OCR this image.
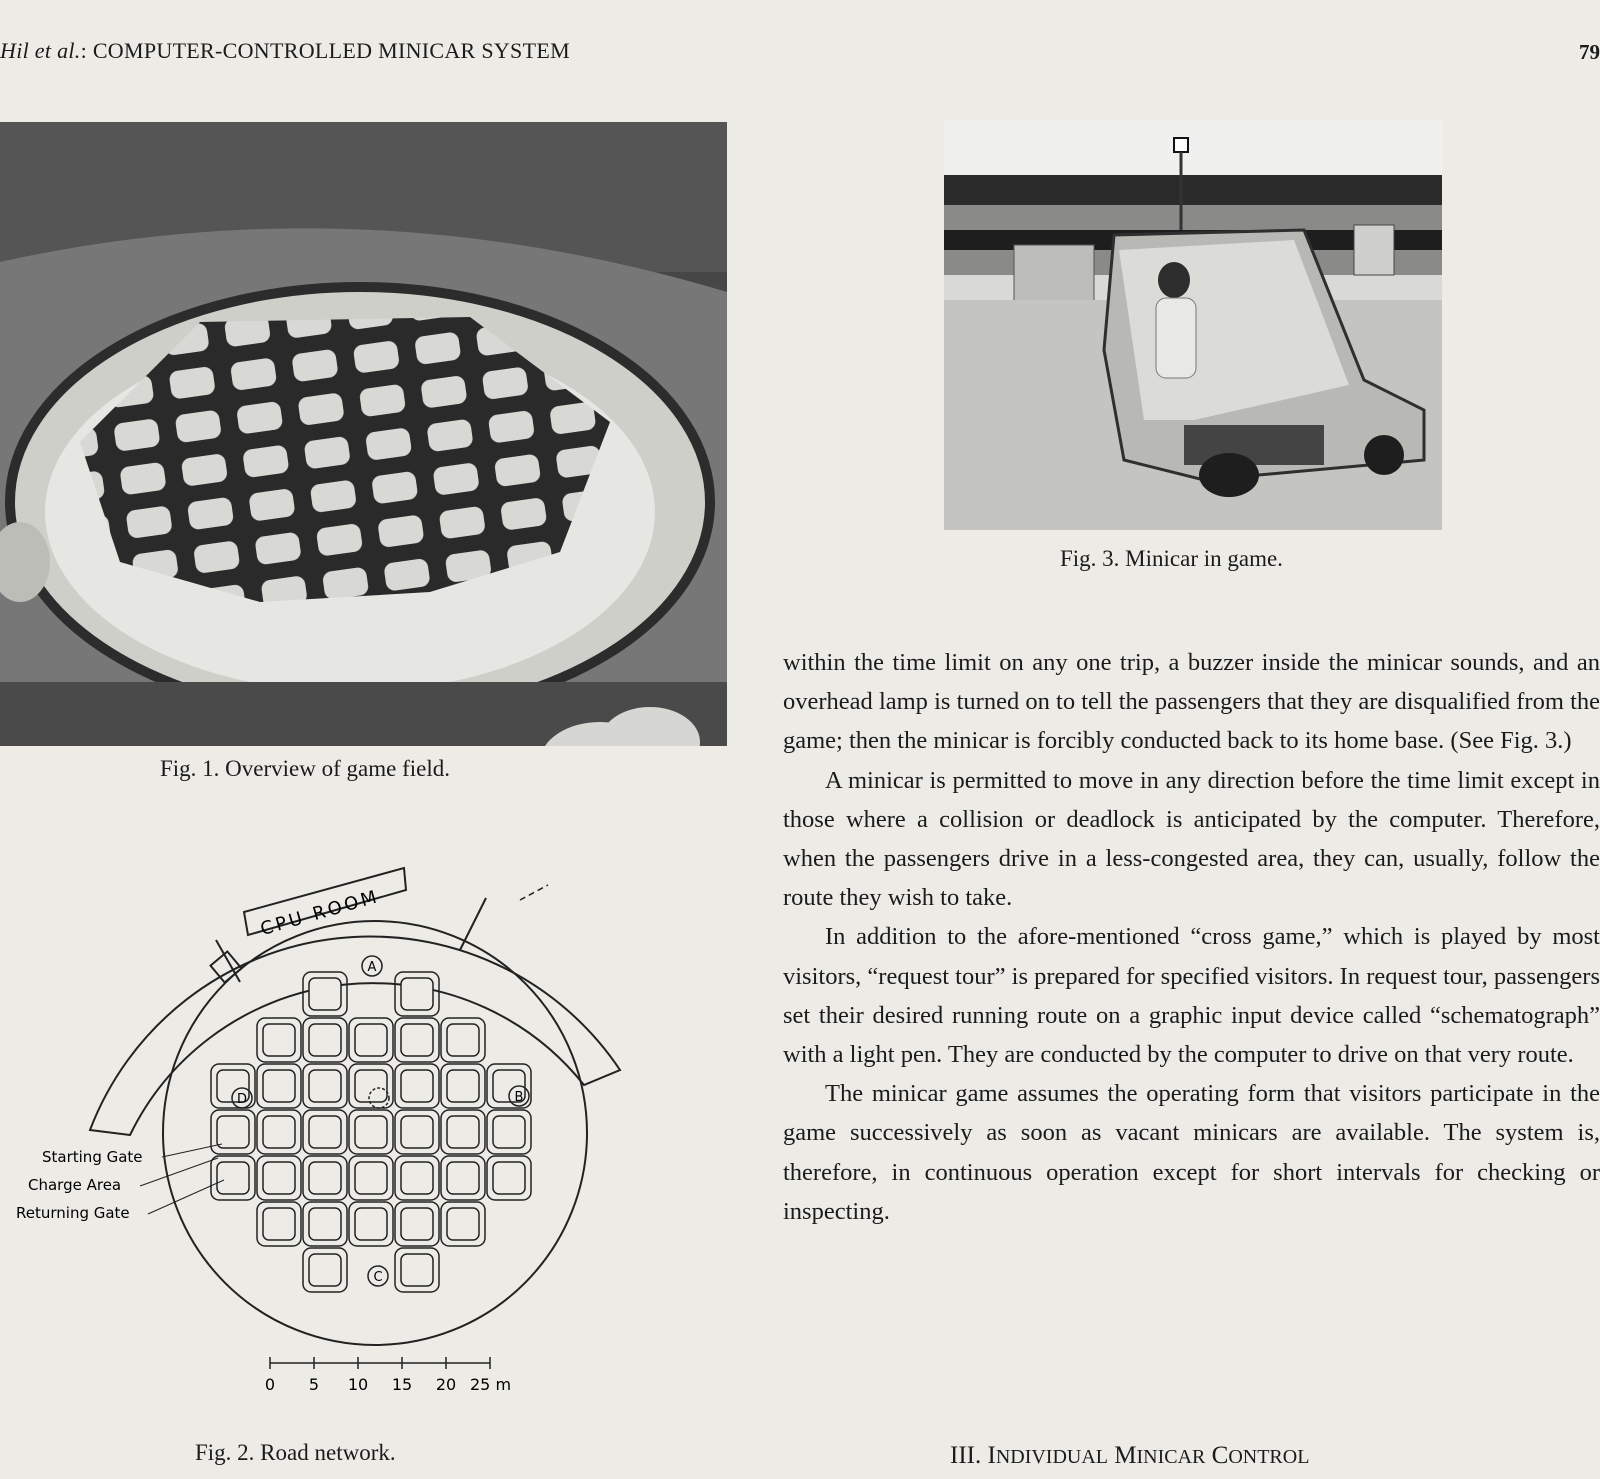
Hil et al.: COMPUTER-CONTROLLED MINICAR SYSTEM	79
Fig. 1. Overview of game field.
Fig. 3. Minicar in game.
CPU ROOM
A
B
C
D
Starting Gate
Charge Area
Returning Gate
0 5 10 15 20 25 m
Fig. 2. Road network.

within the time limit on any one trip, a buzzer inside the minicar sounds, and an overhead lamp is turned on to tell the passengers that they are disqualified from the game; then the minicar is forcibly conducted back to its home base. (See Fig. 3.)

A minicar is permitted to move in any direction before the time limit except in those where a collision or deadlock is anticipated by the computer. Therefore, when the passengers drive in a less-congested area, they can, usually, follow the route they wish to take.

In addition to the afore-mentioned “cross game,” which is played by most visitors, “request tour” is prepared for specified visitors. In request tour, passengers set their desired running route on a graphic input device called “schematograph” with a light pen. They are conducted by the computer to drive on that very route.

The minicar game assumes the operating form that visitors participate in the game successively as soon as vacant minicars are available. The system is, therefore, in continuous operation except for short intervals for checking or inspecting.

III. INDIVIDUAL MINICAR CONTROL
